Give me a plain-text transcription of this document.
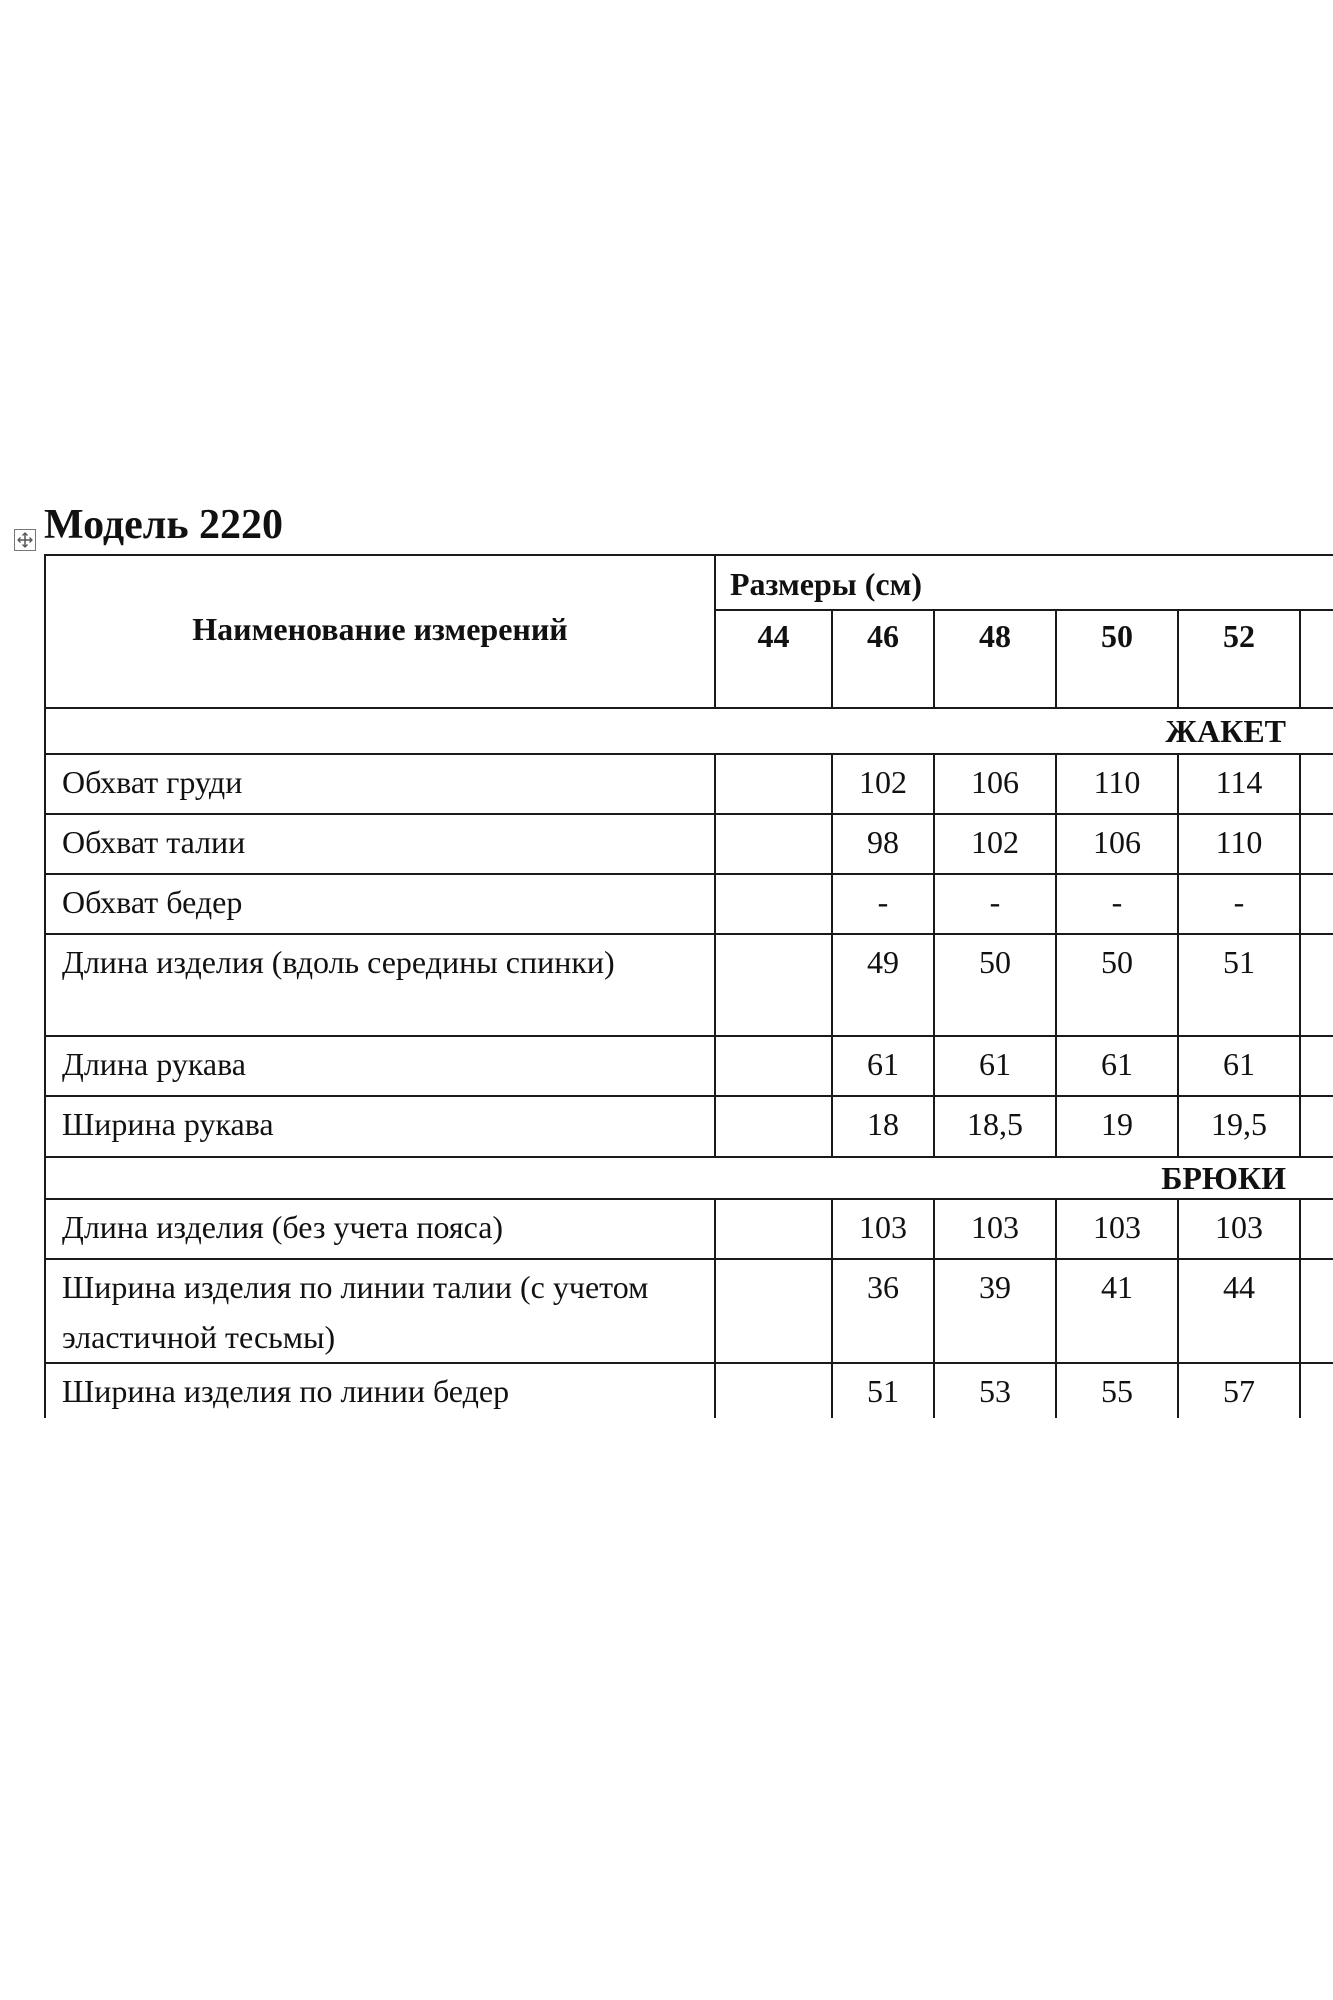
Модель 2220
Наименование измерений	Размеры (см)					
	44	46	48	50	52	
ЖАКЕТ						
Обхват груди		102	106	110	114	
Обхват талии		98	102	106	110	
Обхват бедер		-	-	-	-	
Длина изделия (вдоль середины спинки)		49	50	50	51	
Длина рукава		61	61	61	61	
Ширина рукава		18	18,5	19	19,5	
БРЮКИ						
Длина изделия (без учета пояса)		103	103	103	103	
Ширина изделия по линии талии (с учетом эластичной тесьмы)		36	39	41	44	
Ширина изделия по линии бедер		51	53	55	57	
